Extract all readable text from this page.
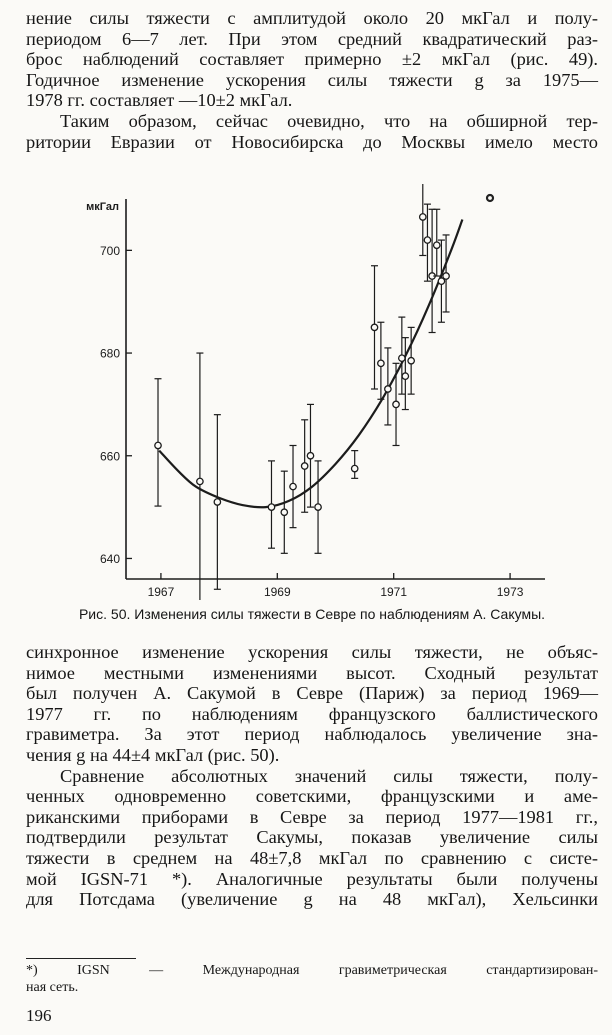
нение силы тяжести с амплитудой около 20 мкГал и полу-
периодом 6—7 лет. При этом средний квадратический раз-
брос наблюдений составляет примерно ±2 мкГал (рис. 49).
Годичное изменение ускорения силы тяжести g за 1975—
1978 гг. составляет —10±2 мкГал.
Таким образом, сейчас очевидно, что на обширной тер-
ритории Евразии от Новосибирска до Москвы имело место
640
660
680
700
1967	1969	1971	1973
мкГал

Рис. 50. Изменения силы тяжести в Севре по наблюдениям А. Сакумы.

синхронное изменение ускорения силы тяжести, не объяс-
нимое местными изменениями высот. Сходный результат
был получен А. Сакумой в Севре (Париж) за период 1969—
1977 гг. по наблюдениям французского баллистического
гравиметра. За этот период наблюдалось увеличение зна-
чения g на 44±4 мкГал (рис. 50).
Сравнение абсолютных значений силы тяжести, полу-
ченных одновременно советскими, французскими и аме-
риканскими приборами в Севре за период 1977—1981 гг.,
подтвердили результат Сакумы, показав увеличение силы
тяжести в среднем на 48±7,8 мкГал по сравнению с систе-
мой IGSN-71 *). Аналогичные результаты были получены
для Потсдама (увеличение g на 48 мкГал), Хельсинки
*) IGSN — Международная гравиметрическая стандартизирован-
ная сеть.
196
